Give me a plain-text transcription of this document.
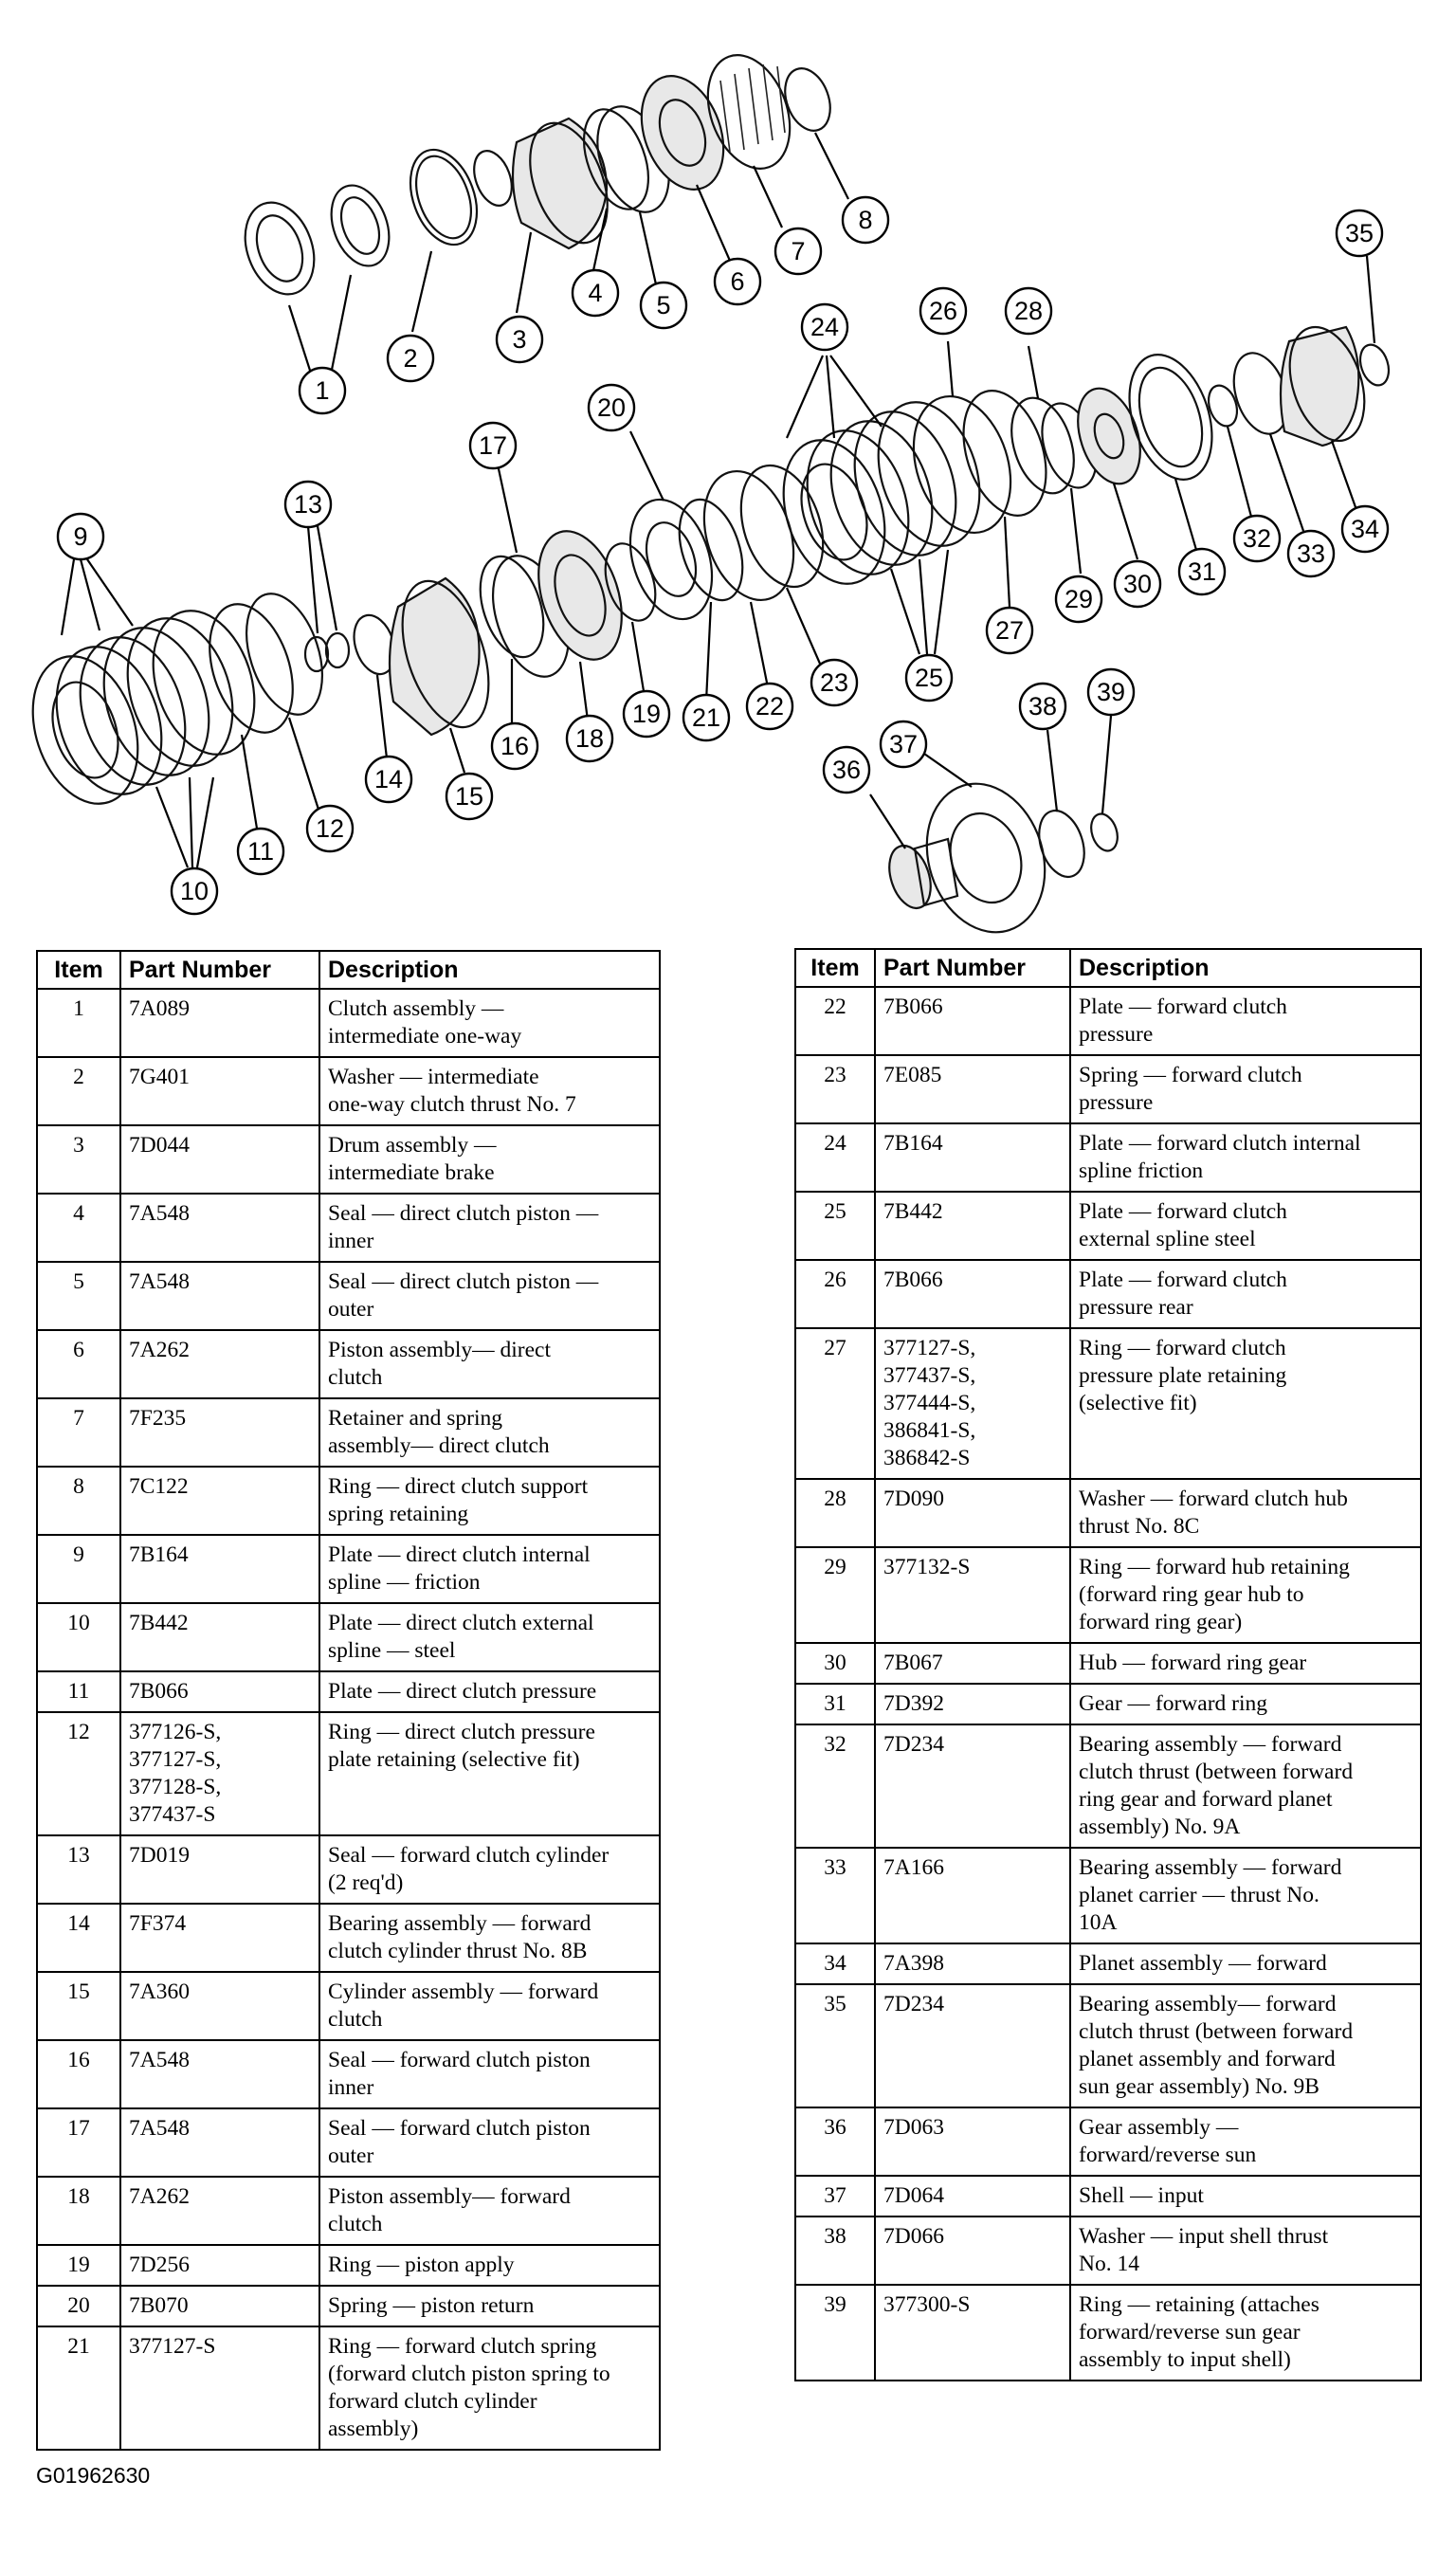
1
2
3
4 5
6
7
8
9
10
11
12
13
14
15
16
17
18
19
20
21 22
23
24
25
26
27
28
29
30 31
32
33
34
35
36
37
38 39
Item	Part Number	Description
1	7A089	Clutch assembly —
intermediate one-way
2	7G401	Washer — intermediate
one-way clutch thrust No. 7
3	7D044	Drum assembly —
intermediate brake
4	7A548	Seal — direct clutch piston —
inner
5	7A548	Seal — direct clutch piston —
outer
6	7A262	Piston assembly— direct
clutch
7	7F235	Retainer and spring
assembly— direct clutch
8	7C122	Ring — direct clutch support
spring retaining
9	7B164	Plate — direct clutch internal
spline — friction
10	7B442	Plate — direct clutch external
spline — steel
11	7B066	Plate — direct clutch pressure
12	377126-S,
377127-S,
377128-S,
377437-S	Ring — direct clutch pressure
plate retaining (selective fit)
13	7D019	Seal — forward clutch cylinder
(2 req'd)
14	7F374	Bearing assembly — forward
clutch cylinder thrust No. 8B
15	7A360	Cylinder assembly — forward
clutch
16	7A548	Seal — forward clutch piston
inner
17	7A548	Seal — forward clutch piston
outer
18	7A262	Piston assembly— forward
clutch
19	7D256	Ring — piston apply
20	7B070	Spring — piston return
21	377127-S	Ring — forward clutch spring
(forward clutch piston spring to
forward clutch cylinder
assembly)
Item	Part Number	Description
22	7B066	Plate — forward clutch
pressure
23	7E085	Spring — forward clutch
pressure
24	7B164	Plate — forward clutch internal
spline friction
25	7B442	Plate — forward clutch
external spline steel
26	7B066	Plate — forward clutch
pressure rear
27	377127-S,
377437-S,
377444-S,
386841-S,
386842-S	Ring — forward clutch
pressure plate retaining
(selective fit)
28	7D090	Washer — forward clutch hub
thrust No. 8C
29	377132-S	Ring — forward hub retaining
(forward ring gear hub to
forward ring gear)
30	7B067	Hub — forward ring gear
31	7D392	Gear — forward ring
32	7D234	Bearing assembly — forward
clutch thrust (between forward
ring gear and forward planet
assembly) No. 9A
33	7A166	Bearing assembly — forward
planet carrier — thrust No.
10A
34	7A398	Planet assembly — forward
35	7D234	Bearing assembly— forward
clutch thrust (between forward
planet assembly and forward
sun gear assembly) No. 9B
36	7D063	Gear assembly —
forward/reverse sun
37	7D064	Shell — input
38	7D066	Washer — input shell thrust
No. 14
39	377300-S	Ring — retaining (attaches
forward/reverse sun gear
assembly to input shell)
G01962630
